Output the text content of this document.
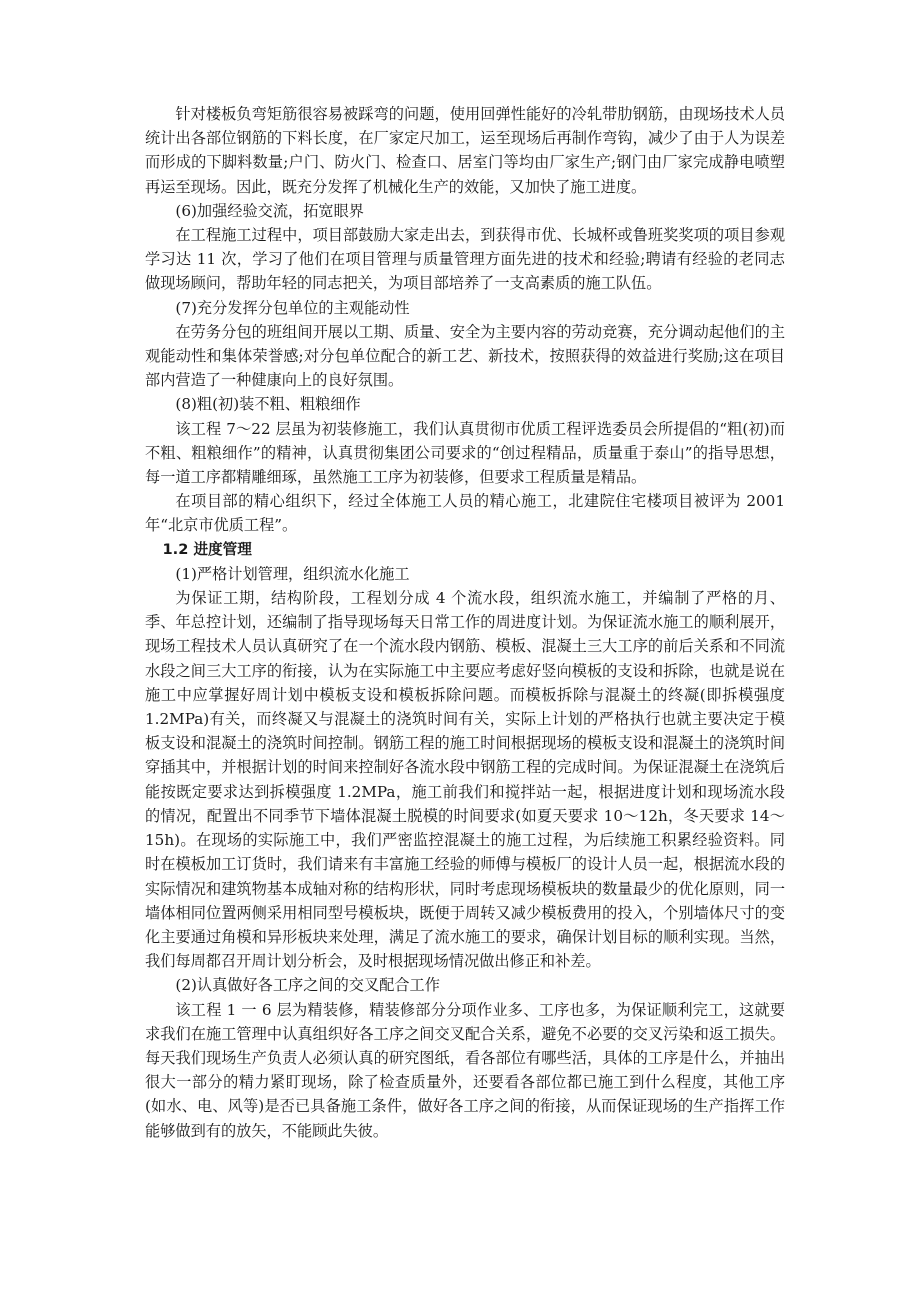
针对楼板负弯矩筋很容易被踩弯的问题，使用回弹性能好的冷轧带肋钢筋，由现场技术人员统计出各部位钢筋的下料长度，在厂家定尺加工，运至现场后再制作弯钩，减少了由于人为误差而形成的下脚料数量;户门、防火门、检查口、居室门等均由厂家生产;钢门由厂家完成静电喷塑再运至现场。因此，既充分发挥了机械化生产的效能，又加快了施工进度。

(6)加强经验交流，拓宽眼界

在工程施工过程中，项目部鼓励大家走出去，到获得市优、长城杯或鲁班奖奖项的项目参观学习达 11 次，学习了他们在项目管理与质量管理方面先进的技术和经验;聘请有经验的老同志做现场顾问，帮助年轻的同志把关，为项目部培养了一支高素质的施工队伍。

(7)充分发挥分包单位的主观能动性

在劳务分包的班组间开展以工期、质量、安全为主要内容的劳动竞赛，充分调动起他们的主观能动性和集体荣誉感;对分包单位配合的新工艺、新技术，按照获得的效益进行奖励;这在项目部内营造了一种健康向上的良好氛围。

(8)粗(初)装不粗、粗粮细作

该工程 7～22 层虽为初装修施工，我们认真贯彻市优质工程评选委员会所提倡的“粗(初)而不粗、粗粮细作”的精神，认真贯彻集团公司要求的“创过程精品，质量重于泰山”的指导思想，每一道工序都精雕细琢，虽然施工工序为初装修，但要求工程质量是精品。

在项目部的精心组织下，经过全体施工人员的精心施工，北建院住宅楼项目被评为 2001 年“北京市优质工程”。

1.2 进度管理

(1)严格计划管理，组织流水化施工

为保证工期，结构阶段，工程划分成 4 个流水段，组织流水施工，并编制了严格的月、季、年总控计划，还编制了指导现场每天日常工作的周进度计划。为保证流水施工的顺利展开，现场工程技术人员认真研究了在一个流水段内钢筋、模板、混凝土三大工序的前后关系和不同流水段之间三大工序的衔接，认为在实际施工中主要应考虑好竖向模板的支设和拆除，也就是说在施工中应掌握好周计划中模板支设和模板拆除问题。而模板拆除与混凝土的终凝(即拆模强度 1.2MPa)有关，而终凝又与混凝土的浇筑时间有关，实际上计划的严格执行也就主要决定于模板支设和混凝土的浇筑时间控制。钢筋工程的施工时间根据现场的模板支设和混凝土的浇筑时间穿插其中，并根据计划的时间来控制好各流水段中钢筋工程的完成时间。为保证混凝土在浇筑后能按既定要求达到拆模强度 1.2MPa，施工前我们和搅拌站一起，根据进度计划和现场流水段的情况，配置出不同季节下墙体混凝土脱模的时间要求(如夏天要求 10～12h，冬天要求 14～15h)。在现场的实际施工中，我们严密监控混凝土的施工过程，为后续施工积累经验资料。同时在模板加工订货时，我们请来有丰富施工经验的师傅与模板厂的设计人员一起，根据流水段的实际情况和建筑物基本成轴对称的结构形状，同时考虑现场模板块的数量最少的优化原则，同一墙体相同位置两侧采用相同型号模板块，既便于周转又减少模板费用的投入，个别墙体尺寸的变化主要通过角模和异形板块来处理，满足了流水施工的要求，确保计划目标的顺利实现。当然，我们每周都召开周计划分析会，及时根据现场情况做出修正和补差。

(2)认真做好各工序之间的交叉配合工作

该工程 1 一 6 层为精装修，精装修部分分项作业多、工序也多，为保证顺利完工，这就要求我们在施工管理中认真组织好各工序之间交叉配合关系，避免不必要的交叉污染和返工损失。每天我们现场生产负责人必须认真的研究图纸，看各部位有哪些活，具体的工序是什么，并抽出很大一部分的精力紧盯现场，除了检查质量外，还要看各部位都已施工到什么程度，其他工序(如水、电、风等)是否已具备施工条件，做好各工序之间的衔接，从而保证现场的生产指挥工作能够做到有的放矢，不能顾此失彼。
